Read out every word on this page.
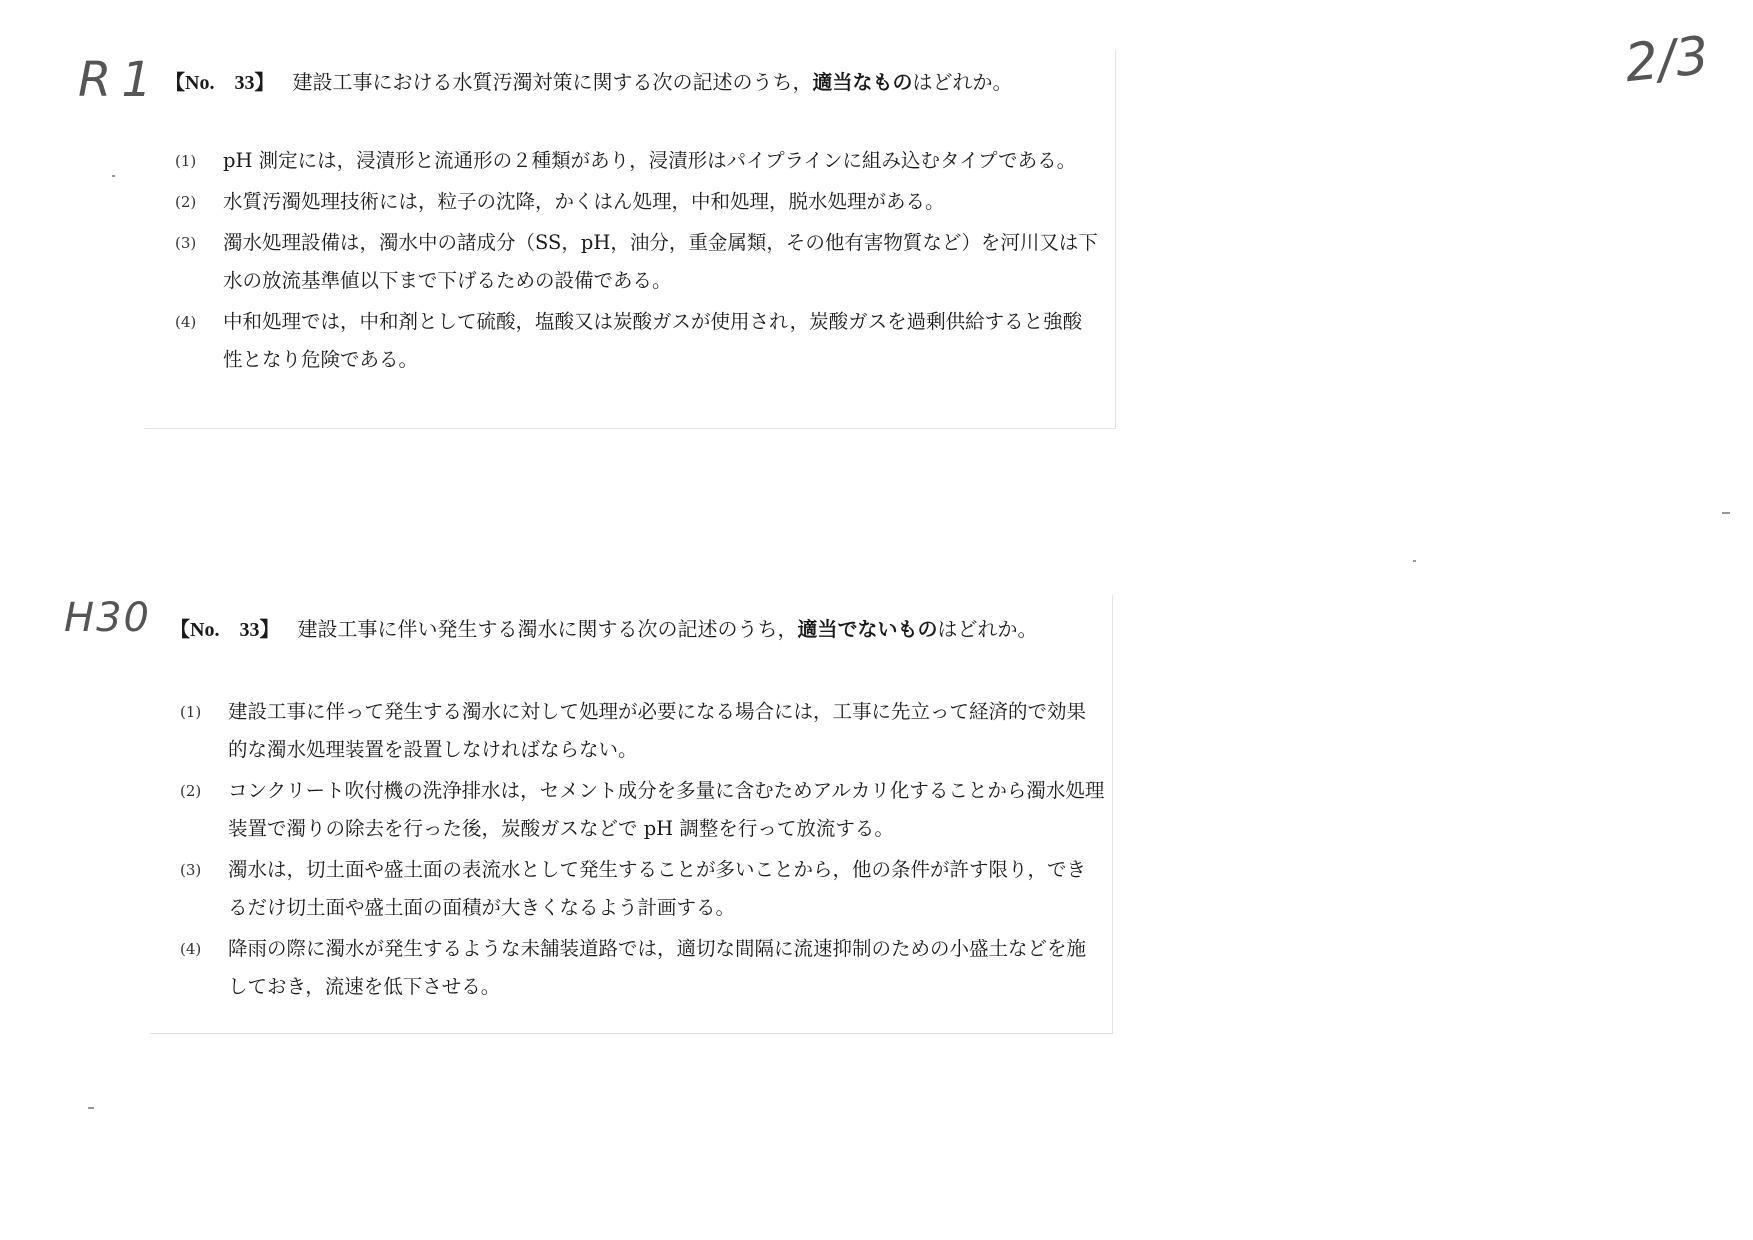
R1
H30
2/3
【No.　33】 建設工事における水質汚濁対策に関する次の記述のうち，適当なものはどれか。
(1) pH 測定には，浸漬形と流通形の２種類があり，浸漬形はパイプラインに組み込むタイプである。
(2) 水質汚濁処理技術には，粒子の沈降，かくはん処理，中和処理，脱水処理がある。
(3) 濁水処理設備は，濁水中の諸成分（SS，pH，油分，重金属類，その他有害物質など）を河川又は下水の放流基準値以下まで下げるための設備である。
(4) 中和処理では，中和剤として硫酸，塩酸又は炭酸ガスが使用され，炭酸ガスを過剰供給すると強酸性となり危険である。
【No.　33】 建設工事に伴い発生する濁水に関する次の記述のうち，適当でないものはどれか。
(1) 建設工事に伴って発生する濁水に対して処理が必要になる場合には，工事に先立って経済的で効果的な濁水処理装置を設置しなければならない。
(2) コンクリート吹付機の洗浄排水は，セメント成分を多量に含むためアルカリ化することから濁水処理装置で濁りの除去を行った後，炭酸ガスなどで pH 調整を行って放流する。
(3) 濁水は，切土面や盛土面の表流水として発生することが多いことから，他の条件が許す限り，できるだけ切土面や盛土面の面積が大きくなるよう計画する。
(4) 降雨の際に濁水が発生するような未舗装道路では，適切な間隔に流速抑制のための小盛土などを施しておき，流速を低下させる。
